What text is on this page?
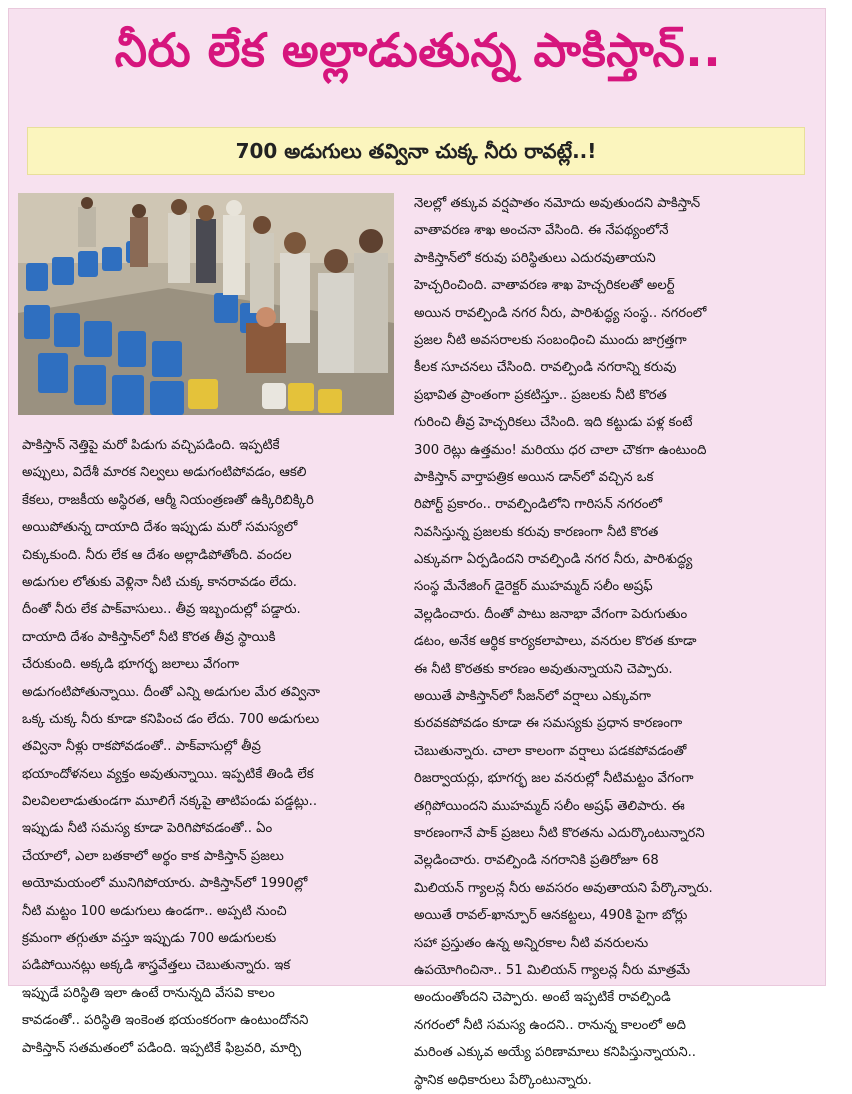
నీరు లేక అల్లాడుతున్న పాకిస్తాన్..
700 అడుగులు తవ్వినా చుక్క నీరు రావట్లే..!
పాకిస్తాన్ నెత్తిపై మరో పిడుగు వచ్చిపడింది. ఇప్పటికే
అప్పులు, విదేశీ మారక నిల్వలు అడుగంటిపోవడం, ఆకలి
కేకలు, రాజకీయ అస్థిరత, ఆర్మీ నియంత్రణతో ఉక్కిరిబిక్కిరి
అయిపోతున్న దాయాది దేశం ఇప్పుడు మరో సమస్యలో
చిక్కుకుంది. నీరు లేక ఆ దేశం అల్లాడిపోతోంది. వందల
అడుగుల లోతుకు వెళ్లినా నీటి చుక్క కానరావడం లేదు.
దీంతో నీరు లేక పాక్‌వాసులు.. తీవ్ర ఇబ్బందుల్లో పడ్డారు.
దాయాది దేశం పాకిస్తాన్‌లో నీటి కొరత తీవ్ర స్థాయికి
చేరుకుంది. అక్కడి భూగర్భ జలాలు వేగంగా
అడుగంటిపోతున్నాయి. దీంతో ఎన్ని అడుగుల మేర తవ్వినా
ఒక్క చుక్క నీరు కూడా కనిపించ డం లేదు. 700 అడుగులు
తవ్వినా నీళ్లు రాకపోవడంతో.. పాక్‌వాసుల్లో తీవ్ర
భయాందోళనలు వ్యక్తం అవుతున్నాయి. ఇప్పటికే తిండి లేక
విలవిలలాడుతుండగా మూలిగే నక్కపై తాటిపండు పడ్డట్లు..
ఇప్పుడు నీటి సమస్య కూడా పెరిగిపోవడంతో.. ఏం
చేయాలో, ఎలా బతకాలో అర్థం కాక పాకిస్తాన్ ప్రజలు
అయోమయంలో మునిగిపోయారు. పాకిస్తాన్‌లో 1990ల్లో
నీటి మట్టం 100 అడుగులు ఉండగా.. అప్పటి నుంచి
క్రమంగా తగ్గుతూ వస్తూ ఇప్పుడు 700 అడుగులకు
పడిపోయినట్లు అక్కడి శాస్త్రవేత్తలు చెబుతున్నారు. ఇక
ఇప్పుడే పరిస్థితి ఇలా ఉంటే రానున్నది వేసవి కాలం
కావడంతో.. పరిస్థితి ఇంకెంత భయంకరంగా ఉంటుందోనని
పాకిస్తాన్ సతమతంలో పడింది. ఇప్పటికే ఫిబ్రవరి, మార్చి
నెలల్లో తక్కువ వర్షపాతం నమోదు అవుతుందని పాకిస్తాన్
వాతావరణ శాఖ అంచనా వేసింది. ఈ నేపథ్యంలోనే
పాకిస్తాన్‌లో కరువు పరిస్థితులు ఎదురవుతాయని
హెచ్చరించింది. వాతావరణ శాఖ హెచ్చరికలతో అలర్ట్
అయిన రావల్పిండి నగర నీరు, పారిశుద్ధ్య సంస్థ.. నగరంలో
ప్రజల నీటి అవసరాలకు సంబంధించి ముందు జాగ్రత్తగా
కీలక సూచనలు చేసింది. రావల్పిండి నగరాన్ని కరువు
ప్రభావిత ప్రాంతంగా ప్రకటిస్తూ.. ప్రజలకు నీటి కొరత
గురించి తీవ్ర హెచ్చరికలు చేసింది. ఇది కట్టుడు పళ్ల కంటే
300 రెట్లు ఉత్తమం! మరియు ధర చాలా చౌకగా ఉంటుంది
పాకిస్తాన్ వార్తాపత్రిక అయిన డాన్‌లో వచ్చిన ఒక
రిపోర్ట్ ప్రకారం.. రావల్పిండిలోని గారిసన్ నగరంలో
నివసిస్తున్న ప్రజలకు కరువు కారణంగా నీటి కొరత
ఎక్కువగా ఏర్పడిందని రావల్పిండి నగర నీరు, పారిశుద్ధ్య
సంస్థ మేనేజింగ్ డైరెక్టర్ ముహమ్మద్ సలీం అష్రఫ్
వెల్లడించారు. దీంతో పాటు జనాభా వేగంగా పెరుగుతుం
డటం, అనేక ఆర్థిక కార్యకలాపాలు, వనరుల కొరత కూడా
ఈ నీటి కొరతకు కారణం అవుతున్నాయని చెప్పారు.
అయితే పాకిస్తాన్‌లో సీజన్‌లో వర్షాలు ఎక్కువగా
కురవకపోవడం కూడా ఈ సమస్యకు ప్రధాన కారణంగా
చెబుతున్నారు. చాలా కాలంగా వర్షాలు పడకపోవడంతో
రిజర్వాయర్లు, భూగర్భ జల వనరుల్లో నీటిమట్టం వేగంగా
తగ్గిపోయిందని ముహమ్మద్ సలీం అష్రఫ్ తెలిపారు. ఈ
కారణంగానే పాక్ ప్రజలు నీటి కొరతను ఎదుర్కొంటున్నారని
వెల్లడించారు. రావల్పిండి నగరానికి ప్రతిరోజూ 68
మిలియన్ గ్యాలన్ల నీరు అవసరం అవుతాయని పేర్కొన్నారు.
అయితే రావల్-ఖాన్పూర్ ఆనకట్టలు, 490కి పైగా బోర్లు
సహా ప్రస్తుతం ఉన్న అన్నిరకాల నీటి వనరులను
ఉపయోగించినా.. 51 మిలియన్ గ్యాలన్ల నీరు మాత్రమే
అందుంతోందని చెప్పారు. అంటే ఇప్పటికే రావల్పిండి
నగరంలో నీటి సమస్య ఉందని.. రానున్న కాలంలో అది
మరింత ఎక్కువ అయ్యే పరిణామాలు కనిపిస్తున్నాయని..
స్థానిక అధికారులు పేర్కొంటున్నారు.
